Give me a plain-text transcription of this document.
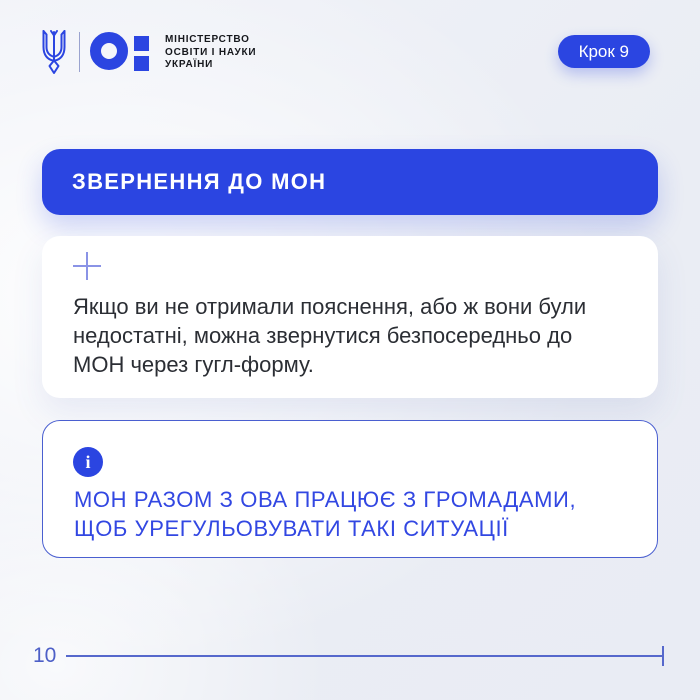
МІНІСТЕРСТВО
ОСВІТИ І НАУКИ
УКРАЇНИ
Крок 9
ЗВЕРНЕННЯ ДО МОН
Якщо ви не отримали пояснення, або ж вони були
недостатні, можна звернутися безпосередньо до
МОН через гугл-форму.
i
МОН РАЗОМ З ОВА ПРАЦЮЄ З ГРОМАДАМИ,
ЩОБ УРЕГУЛЬОВУВАТИ ТАКІ СИТУАЦІЇ
10
